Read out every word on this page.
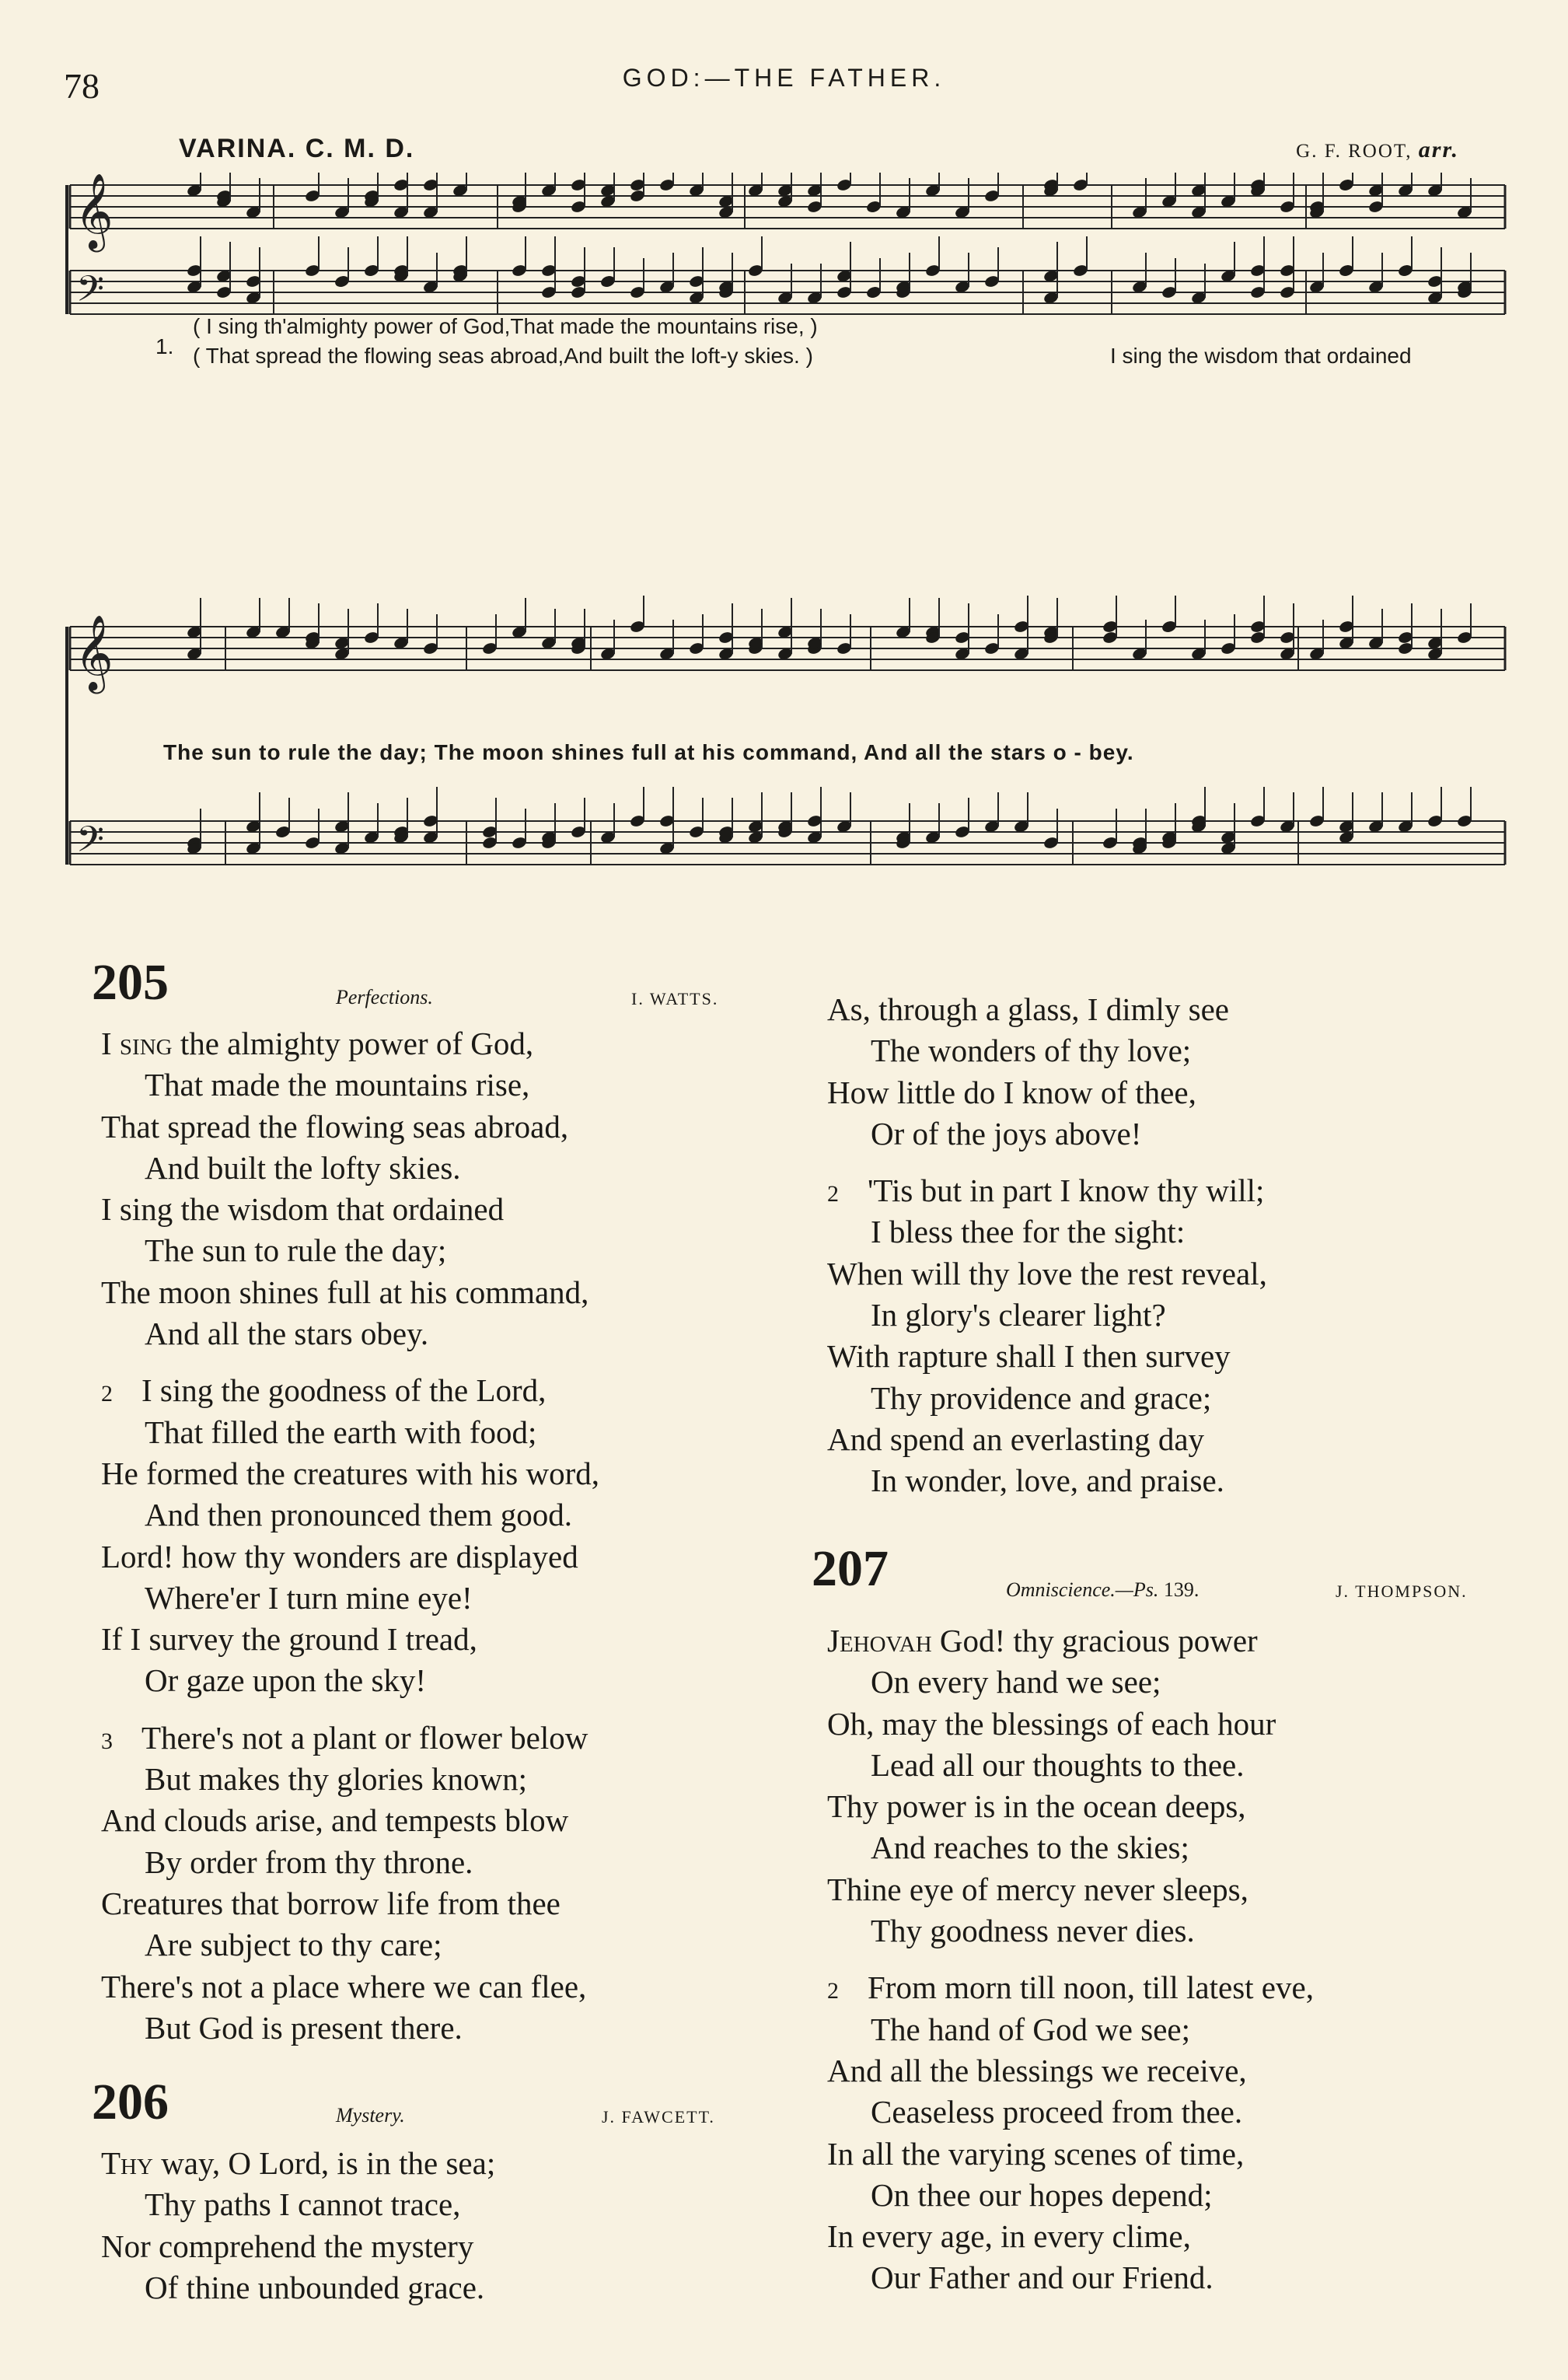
78	GOD:—THE FATHER.
VARINA. C. M. D.	G. F. ROOT, arr.
𝄞
𝄢
𝄞
𝄢
1.
( I sing th'almighty power of God,That made the mountains rise, )
( That spread the flowing seas abroad,And built the loft-y skies. )	I sing the wisdom that ordained
The sun to rule the day; The moon shines full at his command, And all the stars o - bey.
205	Perfections.	I. WATTS.
I sing the almighty power of God,
That made the mountains rise,
That spread the flowing seas abroad,
And built the lofty skies.
I sing the wisdom that ordained
The sun to rule the day;
The moon shines full at his command,
And all the stars obey.
2 I sing the goodness of the Lord,
That filled the earth with food;
He formed the creatures with his word,
And then pronounced them good.
Lord! how thy wonders are displayed
Where'er I turn mine eye!
If I survey the ground I tread,
Or gaze upon the sky!
3 There's not a plant or flower below
But makes thy glories known;
And clouds arise, and tempests blow
By order from thy throne.
Creatures that borrow life from thee
Are subject to thy care;
There's not a place where we can flee,
But God is present there.
206	Mystery.	J. FAWCETT.
Thy way, O Lord, is in the sea;
Thy paths I cannot trace,
Nor comprehend the mystery
Of thine unbounded grace.
As, through a glass, I dimly see
The wonders of thy love;
How little do I know of thee,
Or of the joys above!
2 'Tis but in part I know thy will;
I bless thee for the sight:
When will thy love the rest reveal,
In glory's clearer light?
With rapture shall I then survey
Thy providence and grace;
And spend an everlasting day
In wonder, love, and praise.
207	Omniscience.—Ps. 139.	J. THOMPSON.
Jehovah God! thy gracious power
On every hand we see;
Oh, may the blessings of each hour
Lead all our thoughts to thee.
Thy power is in the ocean deeps,
And reaches to the skies;
Thine eye of mercy never sleeps,
Thy goodness never dies.
2 From morn till noon, till latest eve,
The hand of God we see;
And all the blessings we receive,
Ceaseless proceed from thee.
In all the varying scenes of time,
On thee our hopes depend;
In every age, in every clime,
Our Father and our Friend.
